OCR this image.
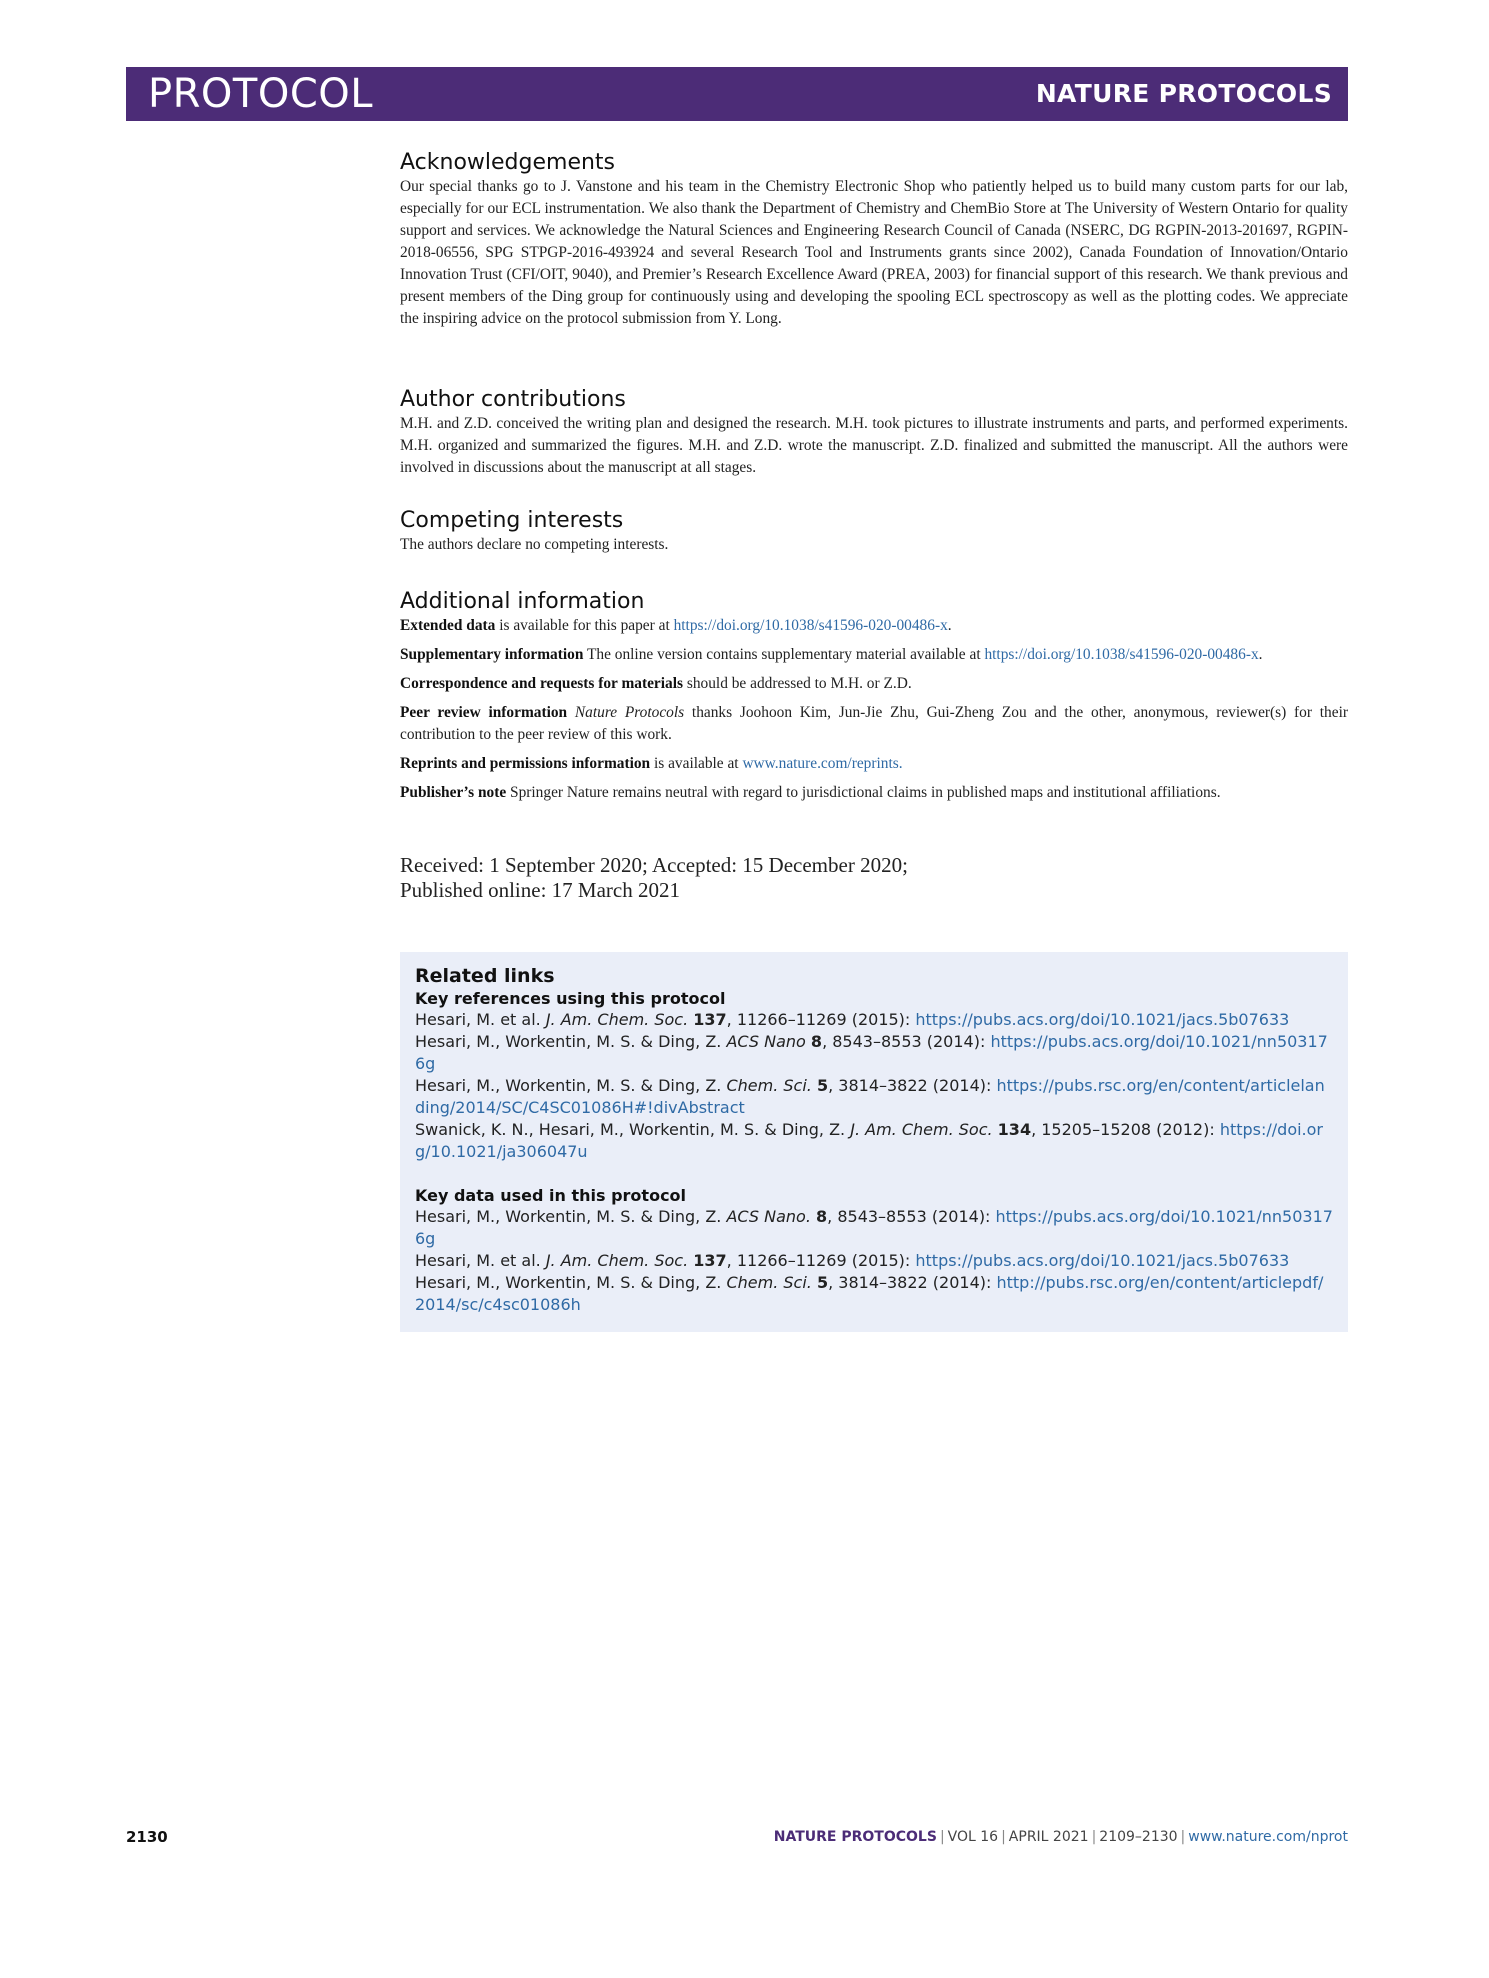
PROTOCOL	NATURE PROTOCOLS
Acknowledgements

Our special thanks go to J. Vanstone and his team in the Chemistry Electronic Shop who patiently helped us to build many custom parts for our lab, especially for our ECL instrumentation. We also thank the Department of Chemistry and ChemBio Store at The University of Western Ontario for quality support and services. We acknowledge the Natural Sciences and Engineering Research Council of Canada (NSERC, DG RGPIN-2013-201697, RGPIN-2018-06556, SPG STPGP-2016-493924 and several Research Tool and Instruments grants since 2002), Canada Foundation of Innovation/Ontario Innovation Trust (CFI/OIT, 9040), and Premier’s Research Excellence Award (PREA, 2003) for financial support of this research. We thank previous and present members of the Ding group for continuously using and developing the spooling ECL spectroscopy as well as the plotting codes. We appreciate the inspiring advice on the protocol submission from Y. Long.

Author contributions

M.H. and Z.D. conceived the writing plan and designed the research. M.H. took pictures to illustrate instruments and parts, and performed experiments. M.H. organized and summarized the figures. M.H. and Z.D. wrote the manuscript. Z.D. finalized and submitted the manuscript. All the authors were involved in discussions about the manuscript at all stages.

Competing interests

The authors declare no competing interests.

Additional information

Extended data is available for this paper at https://doi.org/10.1038/s41596-020-00486-x.

Supplementary information The online version contains supplementary material available at https://doi.org/10.1038/s41596-020-00486-x.

Correspondence and requests for materials should be addressed to M.H. or Z.D.

Peer review information Nature Protocols thanks Joohoon Kim, Jun-Jie Zhu, Gui-Zheng Zou and the other, anonymous, reviewer(s) for their contribution to the peer review of this work.

Reprints and permissions information is available at www.nature.com/reprints.

Publisher’s note Springer Nature remains neutral with regard to jurisdictional claims in published maps and institutional affiliations.

Received: 1 September 2020; Accepted: 15 December 2020;
Published online: 17 March 2021
Related links
Key references using this protocol
Hesari, M. et al. J. Am. Chem. Soc. 137, 11266–11269 (2015): https://pubs.acs.org/doi/10.1021/jacs.5b07633
Hesari, M., Workentin, M. S. & Ding, Z. ACS Nano 8, 8543–8553 (2014): https://pubs.acs.org/doi/10.1021/nn503176g
Hesari, M., Workentin, M. S. & Ding, Z. Chem. Sci. 5, 3814–3822 (2014): https://pubs.rsc.org/en/content/articlelanding/2014/SC/C4SC01086H#!divAbstract
Swanick, K. N., Hesari, M., Workentin, M. S. & Ding, Z. J. Am. Chem. Soc. 134, 15205–15208 (2012): https://doi.org/10.1021/ja306047u
Key data used in this protocol
Hesari, M., Workentin, M. S. & Ding, Z. ACS Nano. 8, 8543–8553 (2014): https://pubs.acs.org/doi/10.1021/nn503176g
Hesari, M. et al. J. Am. Chem. Soc. 137, 11266–11269 (2015): https://pubs.acs.org/doi/10.1021/jacs.5b07633
Hesari, M., Workentin, M. S. & Ding, Z. Chem. Sci. 5, 3814–3822 (2014): http://pubs.rsc.org/en/content/articlepdf/2014/sc/c4sc01086h
2130	NATURE PROTOCOLS | VOL 16 | APRIL 2021 | 2109–2130 | www.nature.com/nprot
